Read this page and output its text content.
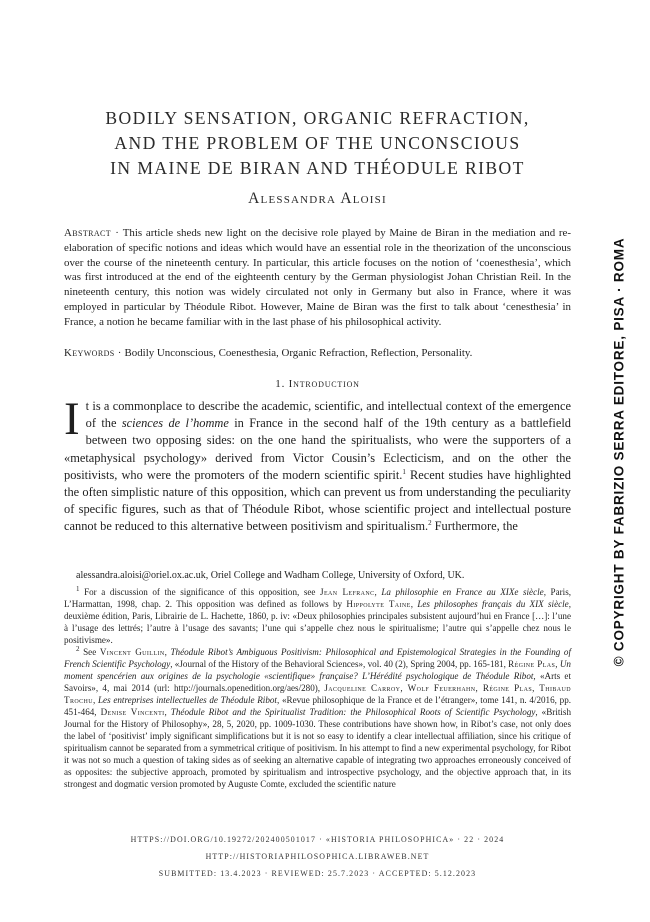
BODILY SENSATION, ORGANIC REFRACTION,
AND THE PROBLEM OF THE UNCONSCIOUS
IN MAINE DE BIRAN AND THÉODULE RIBOT
Alessandra Aloisi

Abstract · This article sheds new light on the decisive role played by Maine de Biran in the mediation and re-elaboration of specific notions and ideas which would have an essential role in the theorization of the unconscious over the course of the nineteenth century. In particular, this article focuses on the notion of ‘coenesthesia’, which was first introduced at the end of the eighteenth century by the German physiologist Johan Christian Reil. In the nineteenth century, this notion was widely circulated not only in Germany but also in France, where it was employed in particular by Théodule Ribot. However, Maine de Biran was the first to talk about ‘cenesthesia’ in France, a notion he became familiar with in the last phase of his philosophical activity.

Keywords · Bodily Unconscious, Coenesthesia, Organic Refraction, Reflection, Personality.

1. Introduction

It is a commonplace to describe the academic, scientific, and intellectual context of the emergence of the sciences de l’homme in France in the second half of the 19th century as a battlefield between two opposing sides: on the one hand the spiritualists, who were the supporters of a «metaphysical psychology» derived from Victor Cousin’s Eclecticism, and on the other the positivists, who were the promoters of the modern scientific spirit.$^1$ Recent studies have highlighted the often simplistic nature of this opposition, which can prevent us from understanding the peculiarity of specific figures, such as that of Théodule Ribot, whose scientific project and intellectual posture cannot be reduced to this alternative between positivism and spiritualism.$^2$ Furthermore, the

alessandra.aloisi@oriel.ox.ac.uk, Oriel College and Wadham College, University of Oxford, UK.

$^1$ For a discussion of the significance of this opposition, see Jean Lefranc, La philosophie en France au XIXe siècle, Paris, L’Harmattan, 1998, chap. 2. This opposition was defined as follows by Hippolyte Taine, Les philosophes français du XIX siècle, deuxième édition, Paris, Librairie de L. Hachette, 1860, p. iv: «Deux philosophies principales subsistent aujourd’hui en France […]: l’une à l’usage des lettrés; l’autre à l’usage des savants; l’une qui s’appelle chez nous le spiritualisme; l’autre qui s’appelle chez nous le positivisme».

$^2$ See Vincent Guillin, Théodule Ribot’s Ambiguous Positivism: Philosophical and Epistemological Strategies in the Founding of French Scientific Psychology, «Journal of the History of the Behavioral Sciences», vol. 40 (2), Spring 2004, pp. 165-181, Régine Plas, Un moment spencérien aux origines de la psychologie «scientifique» française? L’Hérédité psychologique de Théodule Ribot, «Arts et Savoirs», 4, mai 2014 (url: http://journals.openedition.org/aes/280), Jacqueline Carroy, Wolf Feuerhahn, Régine Plas, Thibaud Trochu, Les entreprises intellectuelles de Théodule Ribot, «Revue philosophique de la France et de l’étranger», tome 141, n. 4/2016, pp. 451-464, Denise Vincenti, Théodule Ribot and the Spiritualist Tradition: the Philosophical Roots of Scientific Psychology, «British Journal for the History of Philosophy», 28, 5, 2020, pp. 1009-1030. These contributions have shown how, in Ribot’s case, not only does the label of ‘positivist’ imply significant simplifications but it is not so easy to identify a clear intellectual affiliation, since his critique of spiritualism cannot be separated from a symmetrical critique of positivism. In his attempt to find a new experimental psychology, for Ribot it was not so much a question of taking sides as of seeking an alternative capable of integrating two approaches erroneously conceived of as opposites: the subjective approach, promoted by spiritualism and introspective psychology, and the objective approach that, in its strongest and dogmatic version promoted by Auguste Comte, excluded the scientific nature

HTTPS://DOI.ORG/10.19272/202400501017 · «HISTORIA PHILOSOPHICA» · 22 · 2024

HTTP://HISTORIAPHILOSOPHICA.LIBRAWEB.NET

SUBMITTED: 13.4.2023 · REVIEWED: 25.7.2023 · ACCEPTED: 5.12.2023

© COPYRIGHT BY FABRIZIO SERRA EDITORE, PISA · ROMA
